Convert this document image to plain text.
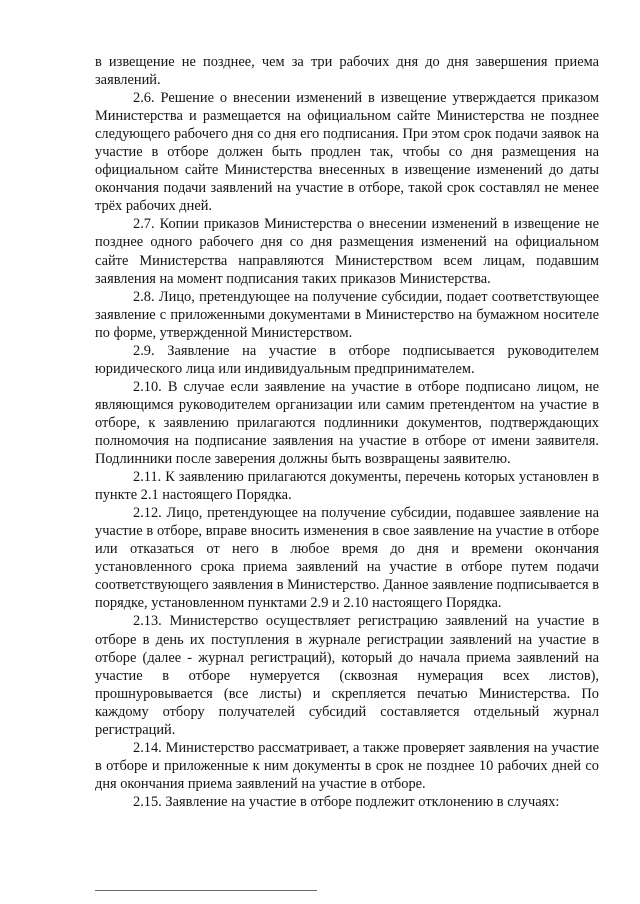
в извещение не позднее, чем за три рабочих дня до дня завершения приема заявлений.

2.6. Решение о внесении изменений в извещение утверждается приказом Министерства и размещается на официальном сайте Министерства не позднее следующего рабочего дня со дня его подписания. При этом срок подачи заявок на участие в отборе должен быть продлен так, чтобы со дня размещения на официальном сайте Министерства внесенных в извещение изменений до даты окончания подачи заявлений на участие в отборе, такой срок составлял не менее трёх рабочих дней.

2.7. Копии приказов Министерства о внесении изменений в извещение не позднее одного рабочего дня со дня размещения изменений на официальном сайте Министерства направляются Министерством всем лицам, подавшим заявления на момент подписания таких приказов Министерства.

2.8. Лицо, претендующее на получение субсидии, подает соответствующее заявление с приложенными документами в Министерство на бумажном носителе по форме, утвержденной Министерством.

2.9. Заявление на участие в отборе подписывается руководителем юридического лица или индивидуальным предпринимателем.

2.10. В случае если заявление на участие в отборе подписано лицом, не являющимся руководителем организации или самим претендентом на участие в отборе, к заявлению прилагаются подлинники документов, подтверждающих полномочия на подписание заявления на участие в отборе от имени заявителя. Подлинники после заверения должны быть возвращены заявителю.

2.11. К заявлению прилагаются документы, перечень которых установлен в пункте 2.1 настоящего Порядка.

2.12. Лицо, претендующее на получение субсидии, подавшее заявление на участие в отборе, вправе вносить изменения в свое заявление на участие в отборе или отказаться от него в любое время до дня и времени окончания установленного срока приема заявлений на участие в отборе путем подачи соответствующего заявления в Министерство. Данное заявление подписывается в порядке, установленном пунктами 2.9 и 2.10 настоящего Порядка.

2.13. Министерство осуществляет регистрацию заявлений на участие в отборе в день их поступления в журнале регистрации заявлений на участие в отборе (далее - журнал регистраций), который до начала приема заявлений на участие в отборе нумеруется (сквозная нумерация всех листов), прошнуровывается (все листы) и скрепляется печатью Министерства. По каждому отбору получателей субсидий составляется отдельный журнал регистраций.

2.14. Министерство рассматривает, а также проверяет заявления на участие в отборе и приложенные к ним документы в срок не позднее 10 рабочих дней со дня окончания приема заявлений на участие в отборе.

2.15. Заявление на участие в отборе подлежит отклонению в случаях:
